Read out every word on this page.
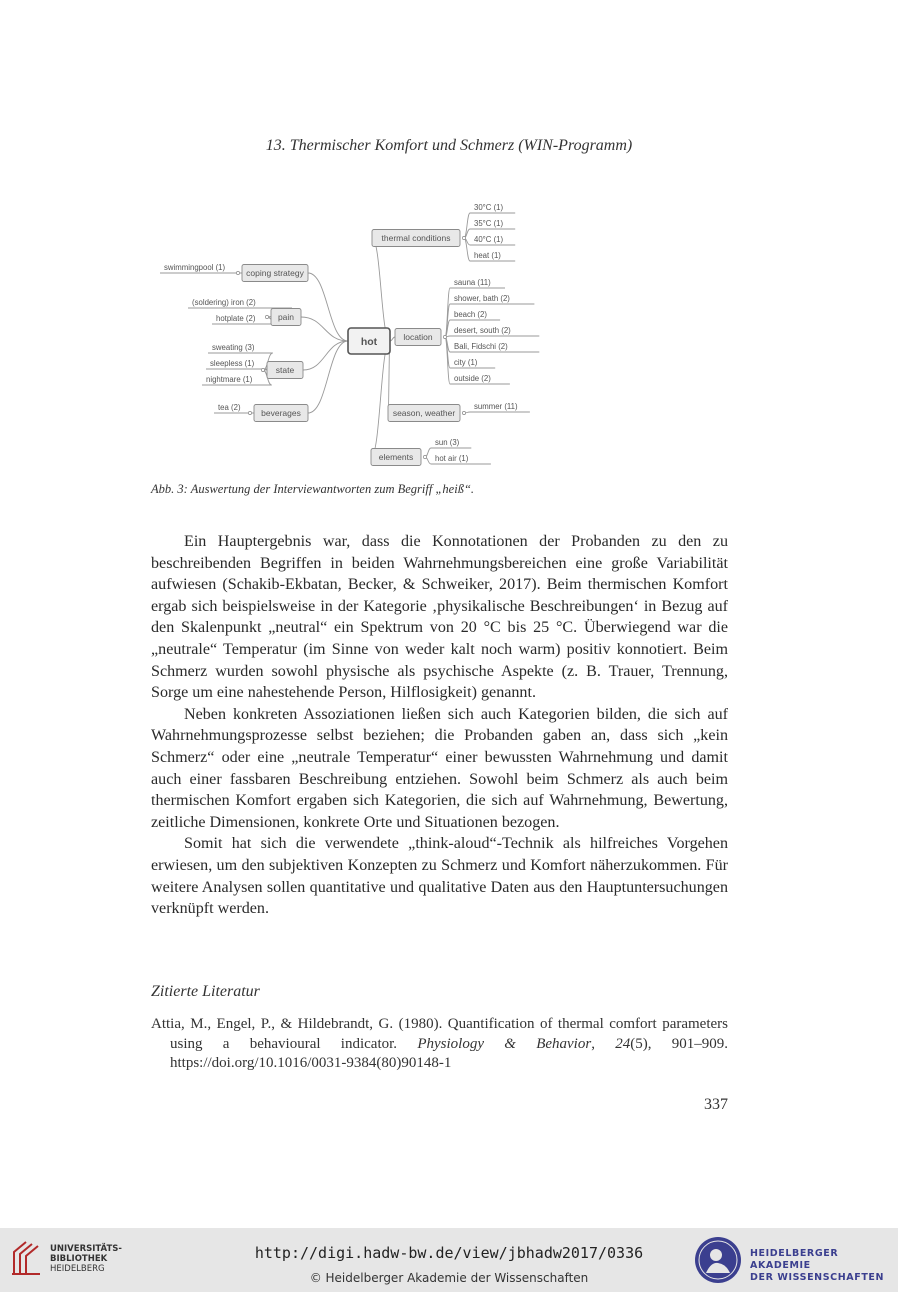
13. Thermischer Komfort und Schmerz (WIN-Programm)
coping strategy
swimmingpool (1)
pain
(soldering) iron (2)
hotplate (2)
state
sweating (3)
sleepless (1)
nightmare (1)
beverages
tea (2)
thermal conditions
30°C (1)
35°C (1)
40°C (1)
heat (1)
location
sauna (11)
shower, bath (2)
beach (2)
desert, south (2)
Bali, Fidschi (2)
city (1)
outside (2)
season, weather
summer (11)
elements
sun (3)
hot air (1)
hot
Abb. 3: Auswertung der Interviewantworten zum Begriff „heiß“.

Ein Hauptergebnis war, dass die Konnotationen der Probanden zu den zu beschreibenden Begriffen in beiden Wahrnehmungsbereichen eine große Variabilität aufwiesen (Schakib-Ekbatan, Becker, & Schweiker, 2017). Beim thermischen Komfort ergab sich beispielsweise in der Kategorie ‚physikalische Beschreibungen‘ in Bezug auf den Skalenpunkt „neutral“ ein Spektrum von 20 °C bis 25 °C. Überwiegend war die „neutrale“ Temperatur (im Sinne von weder kalt noch warm) positiv konnotiert. Beim Schmerz wurden sowohl physische als psychische Aspekte (z. B. Trauer, Trennung, Sorge um eine nahestehende Person, Hilflosigkeit) genannt.

Neben konkreten Assoziationen ließen sich auch Kategorien bilden, die sich auf Wahrnehmungsprozesse selbst beziehen; die Probanden gaben an, dass sich „kein Schmerz“ oder eine „neutrale Temperatur“ einer bewussten Wahrnehmung und damit auch einer fassbaren Beschreibung entziehen. Sowohl beim Schmerz als auch beim thermischen Komfort ergaben sich Kategorien, die sich auf Wahrnehmung, Bewertung, zeitliche Dimensionen, konkrete Orte und Situationen bezogen.

Somit hat sich die verwendete „think-aloud“-Technik als hilfreiches Vorgehen erwiesen, um den subjektiven Konzepten zu Schmerz und Komfort näherzukommen. Für weitere Analysen sollen quantitative und qualitative Daten aus den Hauptuntersuchungen verknüpft werden.

Zitierte Literatur
Attia, M., Engel, P., & Hildebrandt, G. (1980). Quantification of thermal comfort parameters using a behavioural indicator. Physiology & Behavior, 24(5), 901–909. https://doi.org/10.1016/0031-9384(80)90148-1
337
UNIVERSITÄTS-
BIBLIOTHEK
HEIDELBERG
http://digi.hadw-bw.de/view/jbhadw2017/0336
© Heidelberger Akademie der Wissenschaften
HEIDELBERGER AKADEMIE
DER WISSENSCHAFTEN
